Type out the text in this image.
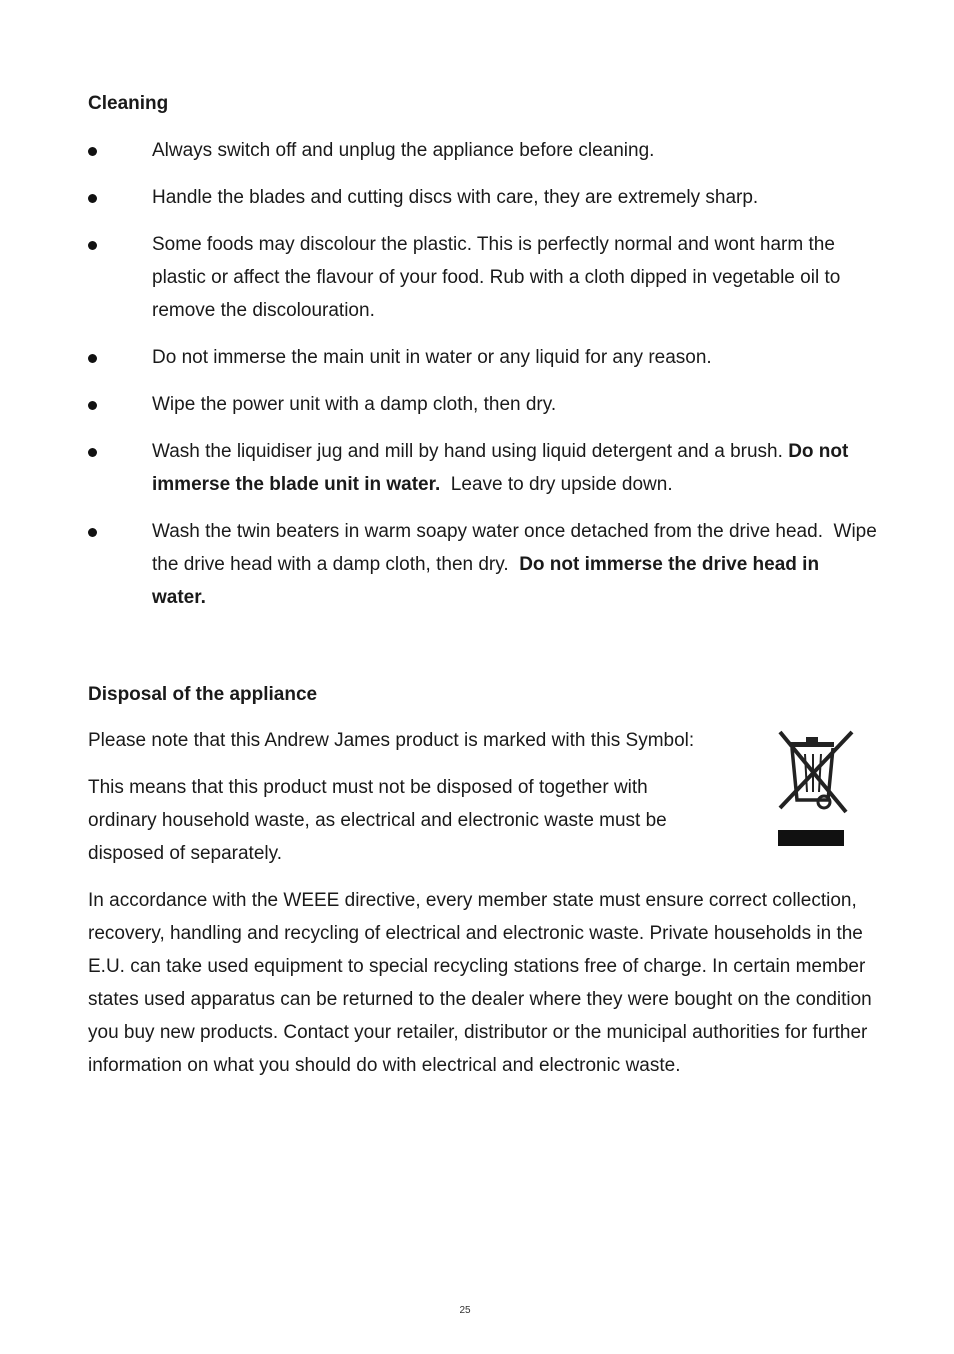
Cleaning
Always switch off and unplug the appliance before cleaning.
Handle the blades and cutting discs with care, they are extremely sharp.
Some foods may discolour the plastic. This is perfectly normal and wont harm the plastic or affect the flavour of your food. Rub with a cloth dipped in vegetable oil to remove the discolouration.
Do not immerse the main unit in water or any liquid for any reason.
Wipe the power unit with a damp cloth, then dry.
Wash the liquidiser jug and mill by hand using liquid detergent and a brush. Do not immerse the blade unit in water.  Leave to dry upside down.
Wash the twin beaters in warm soapy water once detached from the drive head.  Wipe the drive head with a damp cloth, then dry.  Do not immerse the drive head in water.
Disposal of the appliance

Please note that this Andrew James product is marked with this Symbol:

This means that this product must not be disposed of together with
ordinary household waste, as electrical and electronic waste must be
disposed of separately.

In accordance with the WEEE directive, every member state must ensure correct collection, recovery, handling and recycling of electrical and electronic waste. Private households in the E.U. can take used equipment to special recycling stations free of charge. In certain member states used apparatus can be returned to the dealer where they were bought on the condition you buy new products. Contact your retailer, distributor or the municipal authorities for further information on what you should do with electrical and electronic waste.

25
